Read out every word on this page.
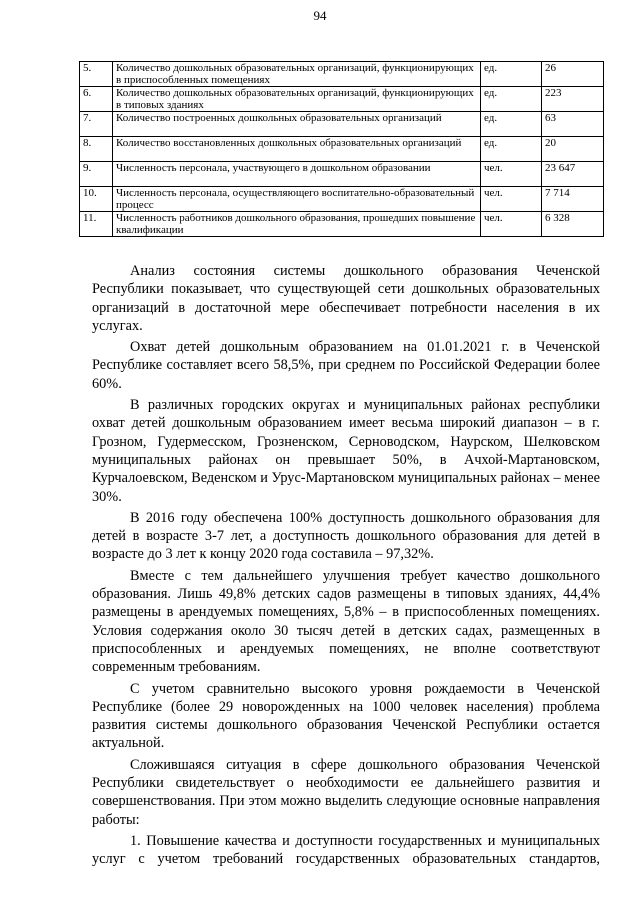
94
5.	Количество дошкольных образовательных организаций, функционирующих в приспособленных помещениях	ед.	26
6.	Количество дошкольных образовательных организаций, функционирующих в типовых зданиях	ед.	223
7.	Количество построенных дошкольных образовательных организаций	ед.	63
8.	Количество восстановленных дошкольных образовательных организаций	ед.	20
9.	Численность персонала, участвующего в дошкольном образовании	чел.	23 647
10.	Численность персонала, осуществляющего воспитательно-образовательный процесс	чел.	7 714
11.	Численность работников дошкольного образования, прошедших повышение квалификации	чел.	6 328

Анализ состояния системы дошкольного образования Чеченской Республики показывает, что существующей сети дошкольных образовательных организаций в достаточной мере обеспечивает потребности населения в их услугах.

Охват детей дошкольным образованием на 01.01.2021 г. в Чеченской Республике составляет всего 58,5%, при среднем по Российской Федерации более 60%.

В различных городских округах и муниципальных районах республики охват детей дошкольным образованием имеет весьма широкий диапазон – в г. Грозном, Гудермесском, Грозненском, Серноводском, Наурском, Шелковском муниципальных районах он превышает 50%, в Ачхой-Мартановском, Курчалоевском, Веденском и Урус-Мартановском муниципальных районах – менее 30%.

В 2016 году обеспечена 100% доступность дошкольного образования для детей в возрасте 3-7 лет, а доступность дошкольного образования для детей в возрасте до 3 лет к концу 2020 года составила – 97,32%.

Вместе с тем дальнейшего улучшения требует качество дошкольного образования. Лишь 49,8% детских садов размещены в типовых зданиях, 44,4% размещены в арендуемых помещениях, 5,8% – в приспособленных помещениях. Условия содержания около 30 тысяч детей в детских садах, размещенных в приспособленных и арендуемых помещениях, не вполне соответствуют современным требованиям.

С учетом сравнительно высокого уровня рождаемости в Чеченской Республике (более 29 новорожденных на 1000 человек населения) проблема развития системы дошкольного образования Чеченской Республики остается актуальной.

Сложившаяся ситуация в сфере дошкольного образования Чеченской Республики свидетельствует о необходимости ее дальнейшего развития и совершенствования. При этом можно выделить следующие основные направления работы:

1. Повышение качества и доступности государственных и муниципальных услуг с учетом требований государственных образовательных стандартов,
